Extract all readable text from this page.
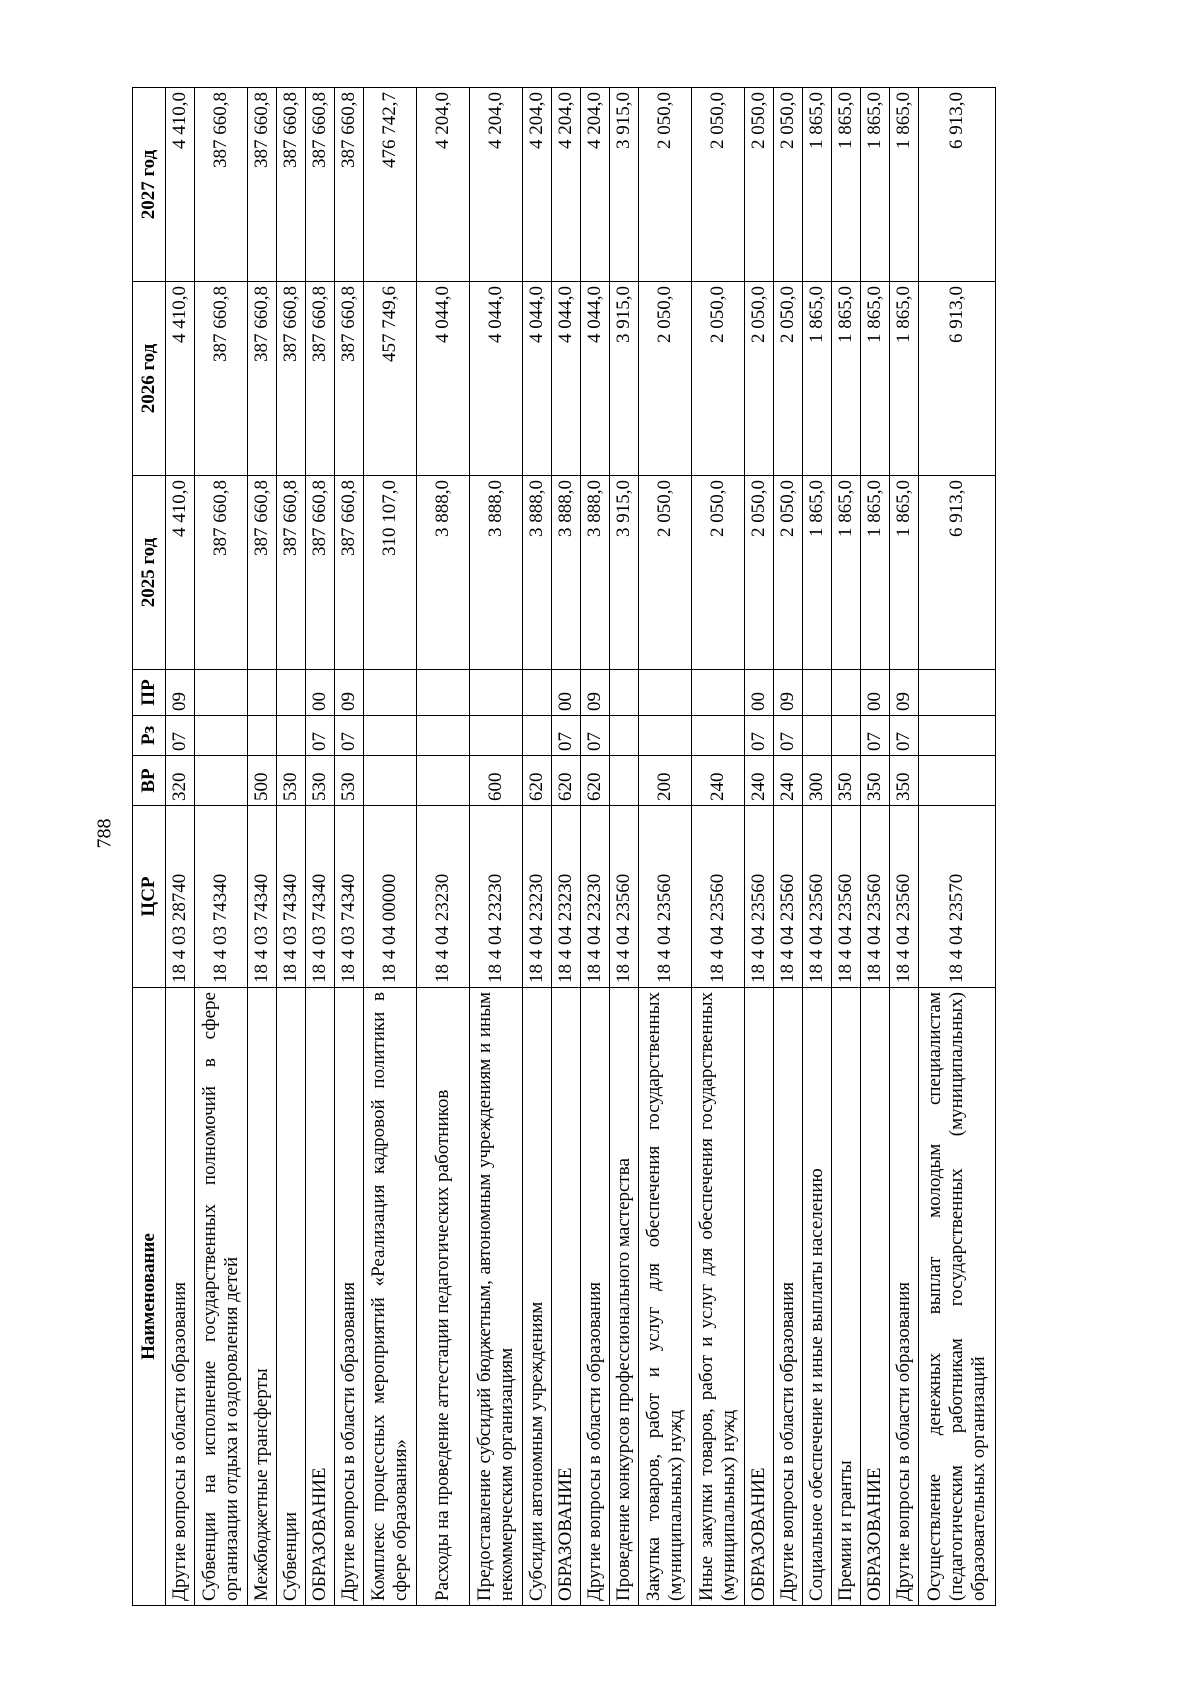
788
Наименование	ЦСР	ВР	Рз	ПР	2025 год	2026 год	2027 год
Другие вопросы в области образования	18 4 03 28740	320	07	09	4 410,0	4 410,0	4 410,0
Субвенции на исполнение государственных полномочий в сфере организации отдыха и оздоровления детей	18 4 03 74340				387 660,8	387 660,8	387 660,8
Межбюджетные трансферты	18 4 03 74340	500			387 660,8	387 660,8	387 660,8
Субвенции	18 4 03 74340	530			387 660,8	387 660,8	387 660,8
ОБРАЗОВАНИЕ	18 4 03 74340	530	07	00	387 660,8	387 660,8	387 660,8
Другие вопросы в области образования	18 4 03 74340	530	07	09	387 660,8	387 660,8	387 660,8
Комплекс процессных мероприятий «Реализация кадровой политики в сфере образования»	18 4 04 00000				310 107,0	457 749,6	476 742,7
Расходы на проведение аттестации педагогических работников	18 4 04 23230				3 888,0	4 044,0	4 204,0
Предоставление субсидий бюджетным, автономным учреждениям и иным некоммерческим организациям	18 4 04 23230	600			3 888,0	4 044,0	4 204,0
Субсидии автономным учреждениям	18 4 04 23230	620			3 888,0	4 044,0	4 204,0
ОБРАЗОВАНИЕ	18 4 04 23230	620	07	00	3 888,0	4 044,0	4 204,0
Другие вопросы в области образования	18 4 04 23230	620	07	09	3 888,0	4 044,0	4 204,0
Проведение конкурсов профессионального мастерства	18 4 04 23560				3 915,0	3 915,0	3 915,0
Закупка товаров, работ и услуг для обеспечения государственных (муниципальных) нужд	18 4 04 23560	200			2 050,0	2 050,0	2 050,0
Иные закупки товаров, работ и услуг для обеспечения государственных (муниципальных) нужд	18 4 04 23560	240			2 050,0	2 050,0	2 050,0
ОБРАЗОВАНИЕ	18 4 04 23560	240	07	00	2 050,0	2 050,0	2 050,0
Другие вопросы в области образования	18 4 04 23560	240	07	09	2 050,0	2 050,0	2 050,0
Социальное обеспечение и иные выплаты населению	18 4 04 23560	300			1 865,0	1 865,0	1 865,0
Премии и гранты	18 4 04 23560	350			1 865,0	1 865,0	1 865,0
ОБРАЗОВАНИЕ	18 4 04 23560	350	07	00	1 865,0	1 865,0	1 865,0
Другие вопросы в области образования	18 4 04 23560	350	07	09	1 865,0	1 865,0	1 865,0
Осуществление денежных выплат молодым специалистам (педагогическим работникам государственных (муниципальных) образовательных организаций	18 4 04 23570				6 913,0	6 913,0	6 913,0
